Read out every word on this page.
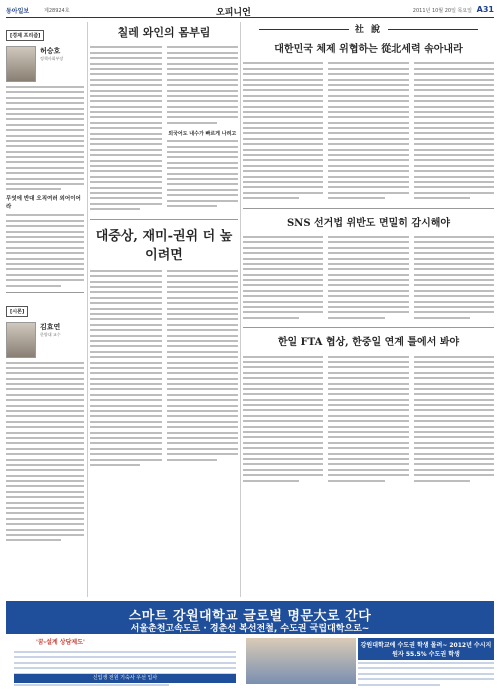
동아일보	제28924호	오피니언	2011년 10월 20일 목요일 A31
[경제 프리즘]
허승호
정책사회부장
무엇에 반대 오직여러 외어이어라
[시론]
김효연
한양대 교수
칠레 와인의 몸부림
외국어도 내수가 빠르게 나려고
대중상, 재미-권위 더 높이려면
社 說
대한민국 체제 위협하는 從北세력 솎아내라
SNS 선거법 위반도 면밀히 감시해야
한일 FTA 협상, 한중일 연계 틀에서 봐야
스마트 강원대학교 글로벌 명문大로 간다
서울춘천고속도로 · 경춘선 복선전철, 수도권 국립대학으로~
'꿈-설계 상담제도'
신입생 전원 기숙사 우선 입사
강원대학교에 수도권 학생 몰려~ 2012년 수시지원자 55.5% 수도권 학생
